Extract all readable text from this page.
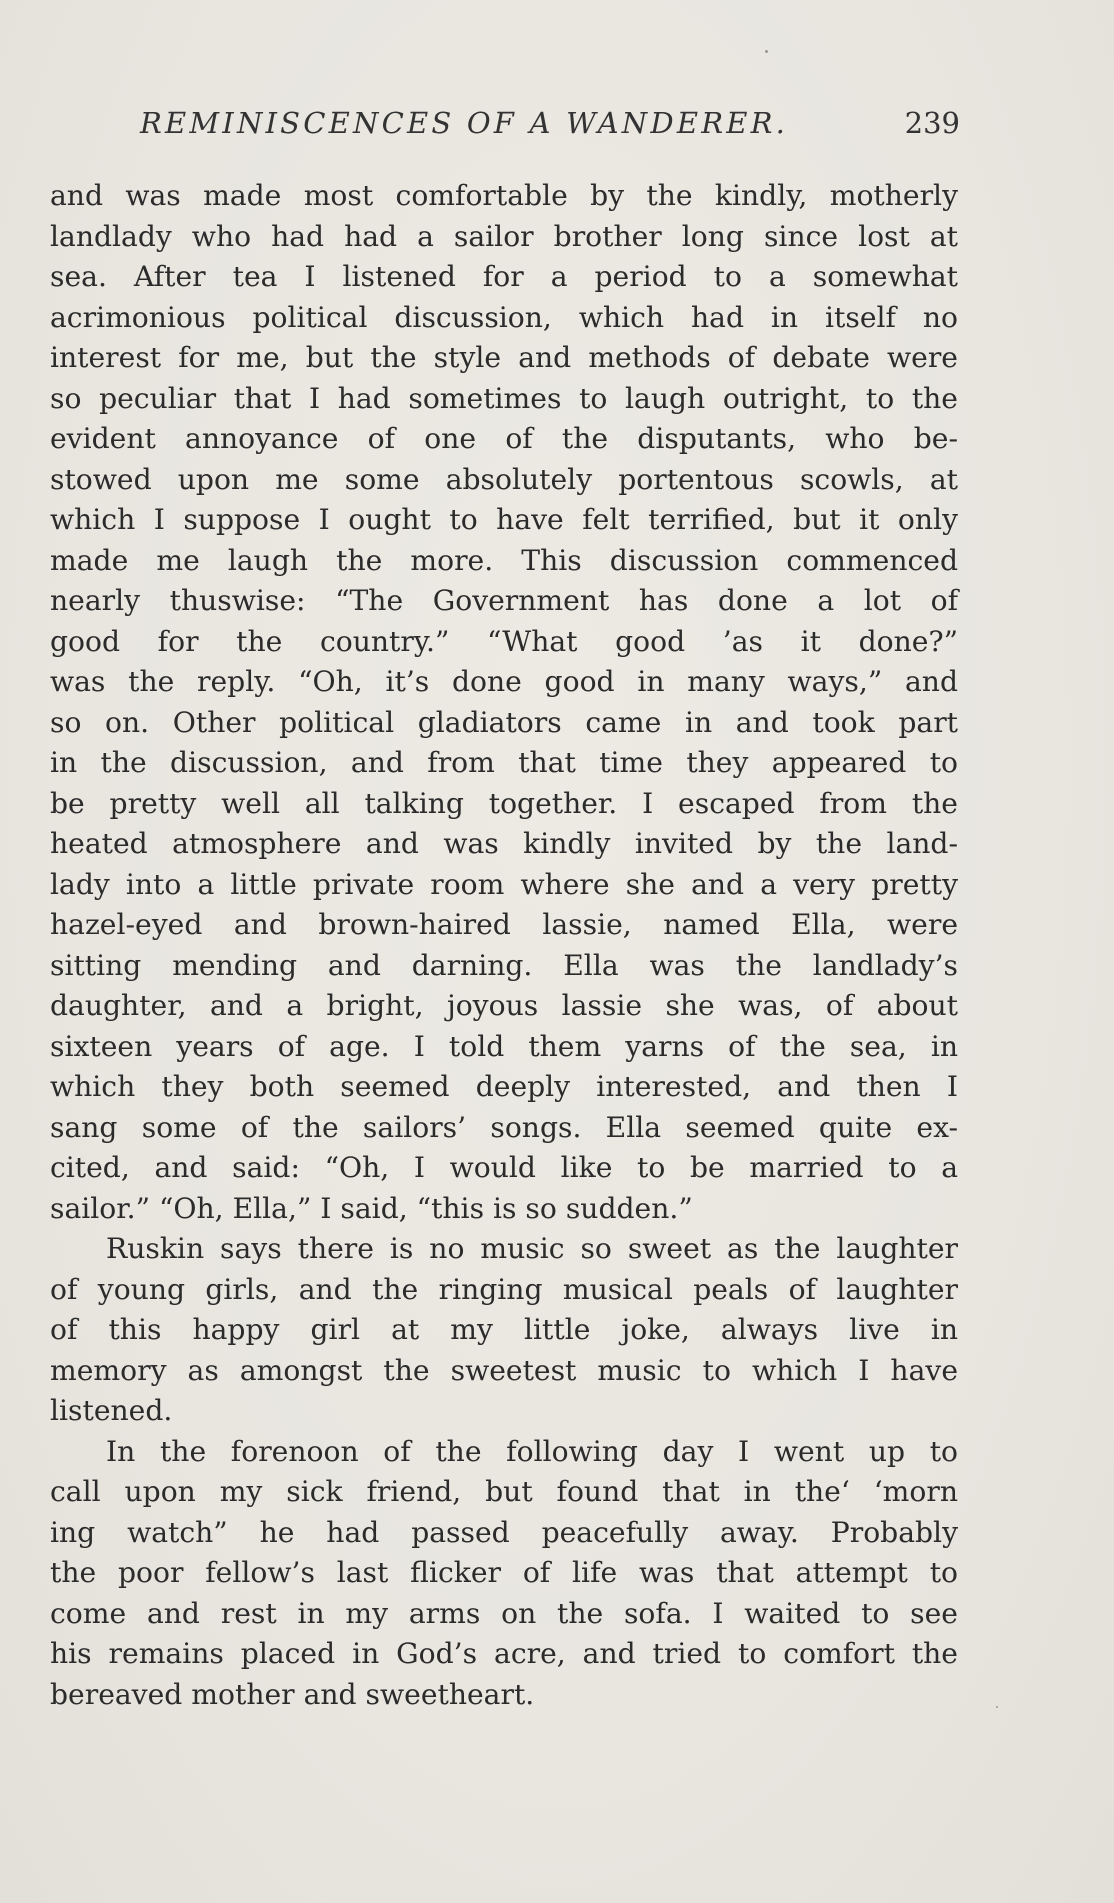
REMINISCENCES OF A WANDERER.	239
and was made most comfortable by the kindly, motherly
landlady who had had a sailor brother long since lost at
sea. After tea I listened for a period to a somewhat
acrimonious political discussion, which had in itself no
interest for me, but the style and methods of debate were
so peculiar that I had sometimes to laugh outright, to the
evident annoyance of one of the disputants, who be-
stowed upon me some absolutely portentous scowls, at
which I suppose I ought to have felt terrified, but it only
made me laugh the more. This discussion commenced
nearly thuswise: “The Government has done a lot of
good for the country.” “What good ’as it done?”
was the reply. “Oh, it’s done good in many ways,” and
so on. Other political gladiators came in and took part
in the discussion, and from that time they appeared to
be pretty well all talking together. I escaped from the
heated atmosphere and was kindly invited by the land-
lady into a little private room where she and a very pretty
hazel-eyed and brown-haired lassie, named Ella, were
sitting mending and darning. Ella was the landlady’s
daughter, and a bright, joyous lassie she was, of about
sixteen years of age. I told them yarns of the sea, in
which they both seemed deeply interested, and then I
sang some of the sailors’ songs. Ella seemed quite ex-
cited, and said: “Oh, I would like to be married to a
sailor.” “Oh, Ella,” I said, “this is so sudden.”
Ruskin says there is no music so sweet as the laughter
of young girls, and the ringing musical peals of laughter
of this happy girl at my little joke, always live in
memory as amongst the sweetest music to which I have
listened.
In the forenoon of the following day I went up to
call upon my sick friend, but found that in the‘ ‘morn
ing watch” he had passed peacefully away. Probably
the poor fellow’s last flicker of life was that attempt to
come and rest in my arms on the sofa. I waited to see
his remains placed in God’s acre, and tried to comfort the
bereaved mother and sweetheart.
